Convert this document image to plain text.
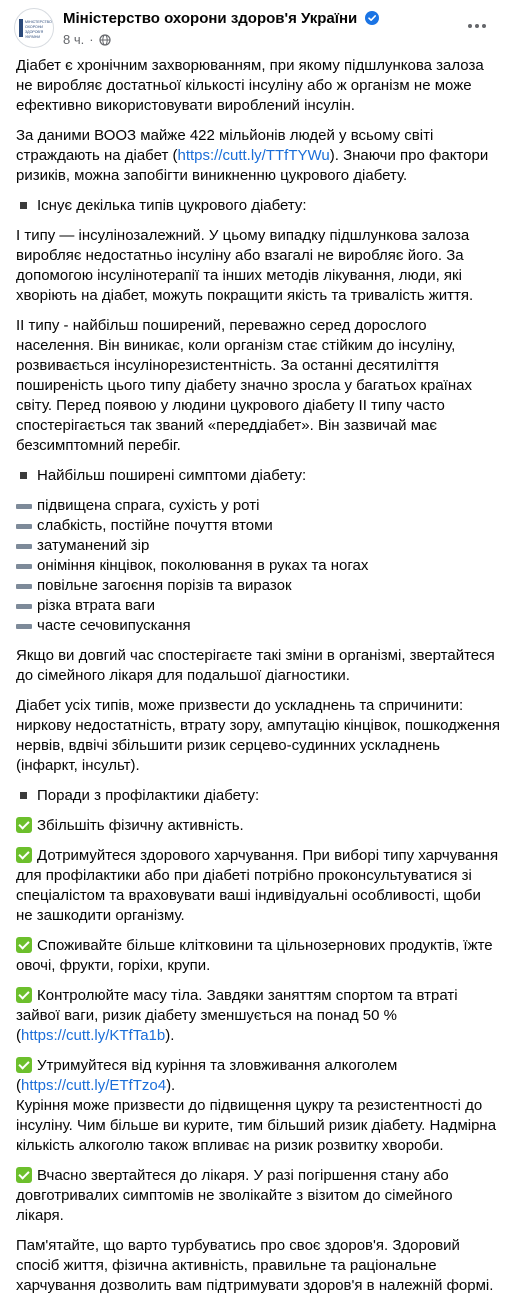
МІНІСТЕРСТВО
ОХОРОНИ
ЗДОРОВ'Я
УКРАЇНИ
Міністерство охорони здоров'я України
8 ч. ·

Діабет є хронічним захворюванням, при якому підшлункова залоза не виробляє достатньої кількості інсуліну або ж організм не може ефективно використовувати вироблений інсулін.

За даними ВООЗ майже 422 мільйонів людей у всьому світі страждають на діабет (https://cutt.ly/TTfTYWu). Знаючи про фактори ризиків, можна запобігти виникненню цукрового діабету.

Існує декілька типів цукрового діабету:

I типу — інсулінозалежний. У цьому випадку підшлункова залоза виробляє недостатньо інсуліну або взагалі не виробляє його. За допомогою інсулінотерапії та інших методів лікування, люди, які хворіють на діабет, можуть покращити якість та тривалість життя.

II типу - найбільш поширений, переважно серед дорослого населення. Він виникає, коли організм стає стійким до інсуліну, розвивається інсулінорезистентність. За останні десятиліття поширеність цього типу діабету значно зросла у багатьох країнах світу. Перед появою у людини цукрового діабету II типу часто спостерігається так званий «переддіабет». Він зазвичай має безсимптомний перебіг.

Найбільш поширені симптоми діабету:

підвищена спрага, сухість у роті
слабкість, постійне почуття втоми
затуманений зір
оніміння кінцівок, поколювання в руках та ногах
повільне загоєння порізів та виразок
різка втрата ваги
часте сечовипускання

Якщо ви довгий час спостерігаєте такі зміни в організмі, звертайтеся до сімейного лікаря для подальшої діагностики.

Діабет усіх типів, може призвести до ускладнень та спричинити: ниркову недостатність, втрату зору, ампутацію кінцівок, пошкодження нервів, вдвічі збільшити ризик серцево-судинних ускладнень (інфаркт, інсульт).

Поради з профілактики діабету:

Збільшіть фізичну активність.

Дотримуйтеся здорового харчування. При виборі типу харчування для профілактики або при діабеті потрібно проконсультуватися зі спеціалістом та враховувати ваші індивідуальні особливості, щоби не зашкодити організму.

Споживайте більше клітковини та цільнозернових продуктів, їжте овочі, фрукти, горіхи, крупи.

Контролюйте масу тіла. Завдяки заняттям спортом та втраті зайвої ваги, ризик діабету зменшується на понад 50 % (https://cutt.ly/KTfTa1b).

Утримуйтеся від куріння та зловживання алкоголем (https://cutt.ly/ETfTzo4).
Куріння може призвести до підвищення цукру та резистентності до інсуліну. Чим більше ви курите, тим більший ризик діабету. Надмірна кількість алкоголю також впливає на ризик розвитку хвороби.

Вчасно звертайтеся до лікаря. У разі погіршення стану або довготривалих симптомів не зволікайте з візитом до сімейного лікаря.

Пам'ятайте, що варто турбуватись про своє здоров'я. Здоровий спосіб життя, фізична активність, правильне та раціональне харчування дозволить вам підтримувати здоров'я в належній формі.
